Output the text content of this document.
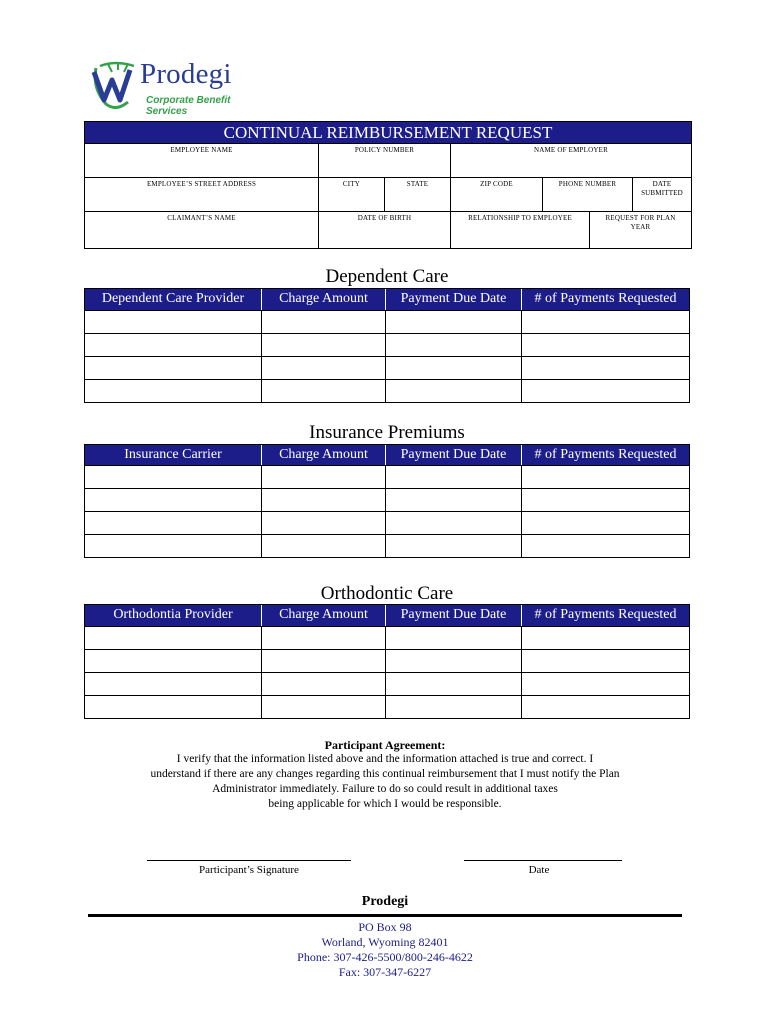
Prodegi
Corporate Benefit Services
CONTINUAL REIMBURSEMENT REQUEST
EMPLOYEE NAME	POLICY NUMBER	NAME OF EMPLOYER
EMPLOYEE’S STREET ADDRESS	CITY	STATE	ZIP CODE	PHONE NUMBER	DATE SUBMITTED
CLAIMANT’S NAME	DATE OF BIRTH	RELATIONSHIP TO EMPLOYEE	REQUEST FOR PLAN YEAR
Dependent Care
Dependent Care Provider	Charge Amount	Payment Due Date	# of Payments Requested
Insurance Premiums
Insurance Carrier	Charge Amount	Payment Due Date	# of Payments Requested
Orthodontic Care
Orthodontia Provider	Charge Amount	Payment Due Date	# of Payments Requested
Participant Agreement:
I verify that the information listed above and the information attached is true and correct. I
understand if there are any changes regarding this continual reimbursement that I must notify the Plan
Administrator immediately. Failure to do so could result in additional taxes
being applicable for which I would be responsible.
Participant’s Signature	Date
Prodegi
PO Box 98
Worland, Wyoming 82401
Phone: 307-426-5500/800-246-4622
Fax: 307-347-6227
